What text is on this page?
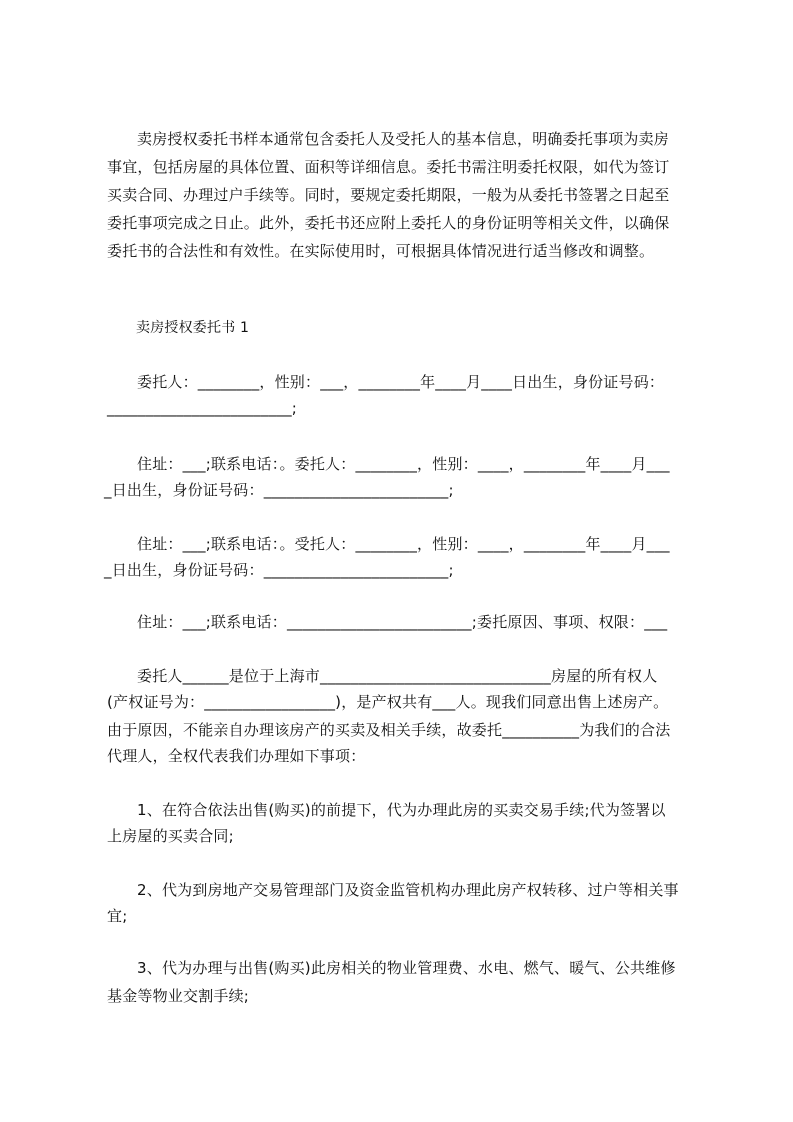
卖房授权委托书样本通常包含委托人及受托人的基本信息，明确委托事项为卖房
事宜，包括房屋的具体位置、面积等详细信息。委托书需注明委托权限，如代为签订
买卖合同、办理过户手续等。同时，要规定委托期限，一般为从委托书签署之日起至
委托事项完成之日止。此外，委托书还应附上委托人的身份证明等相关文件，以确保
委托书的合法性和有效性。在实际使用时，可根据具体情况进行适当修改和调整。
卖房授权委托书 1
委托人：________，性别：___，________年____月____日出生，身份证号码：
________________________;
住址：___;联系电话：。委托人：________，性别：____，________年____月___
_日出生，身份证号码：________________________;
住址：___;联系电话：。受托人：________，性别：____，________年____月___
_日出生，身份证号码：________________________;
住址：___;联系电话：________________________;委托原因、事项、权限：___
委托人______是位于上海市______________________________房屋的所有权人
(产权证号为：_________________)，是产权共有___人。现我们同意出售上述房产。
由于原因，不能亲自办理该房产的买卖及相关手续，故委托__________为我们的合法
代理人，全权代表我们办理如下事项：
1、在符合依法出售(购买)的前提下，代为办理此房的买卖交易手续;代为签署以
上房屋的买卖合同;
2、代为到房地产交易管理部门及资金监管机构办理此房产权转移、过户等相关事
宜;
3、代为办理与出售(购买)此房相关的物业管理费、水电、燃气、暖气、公共维修
基金等物业交割手续;
